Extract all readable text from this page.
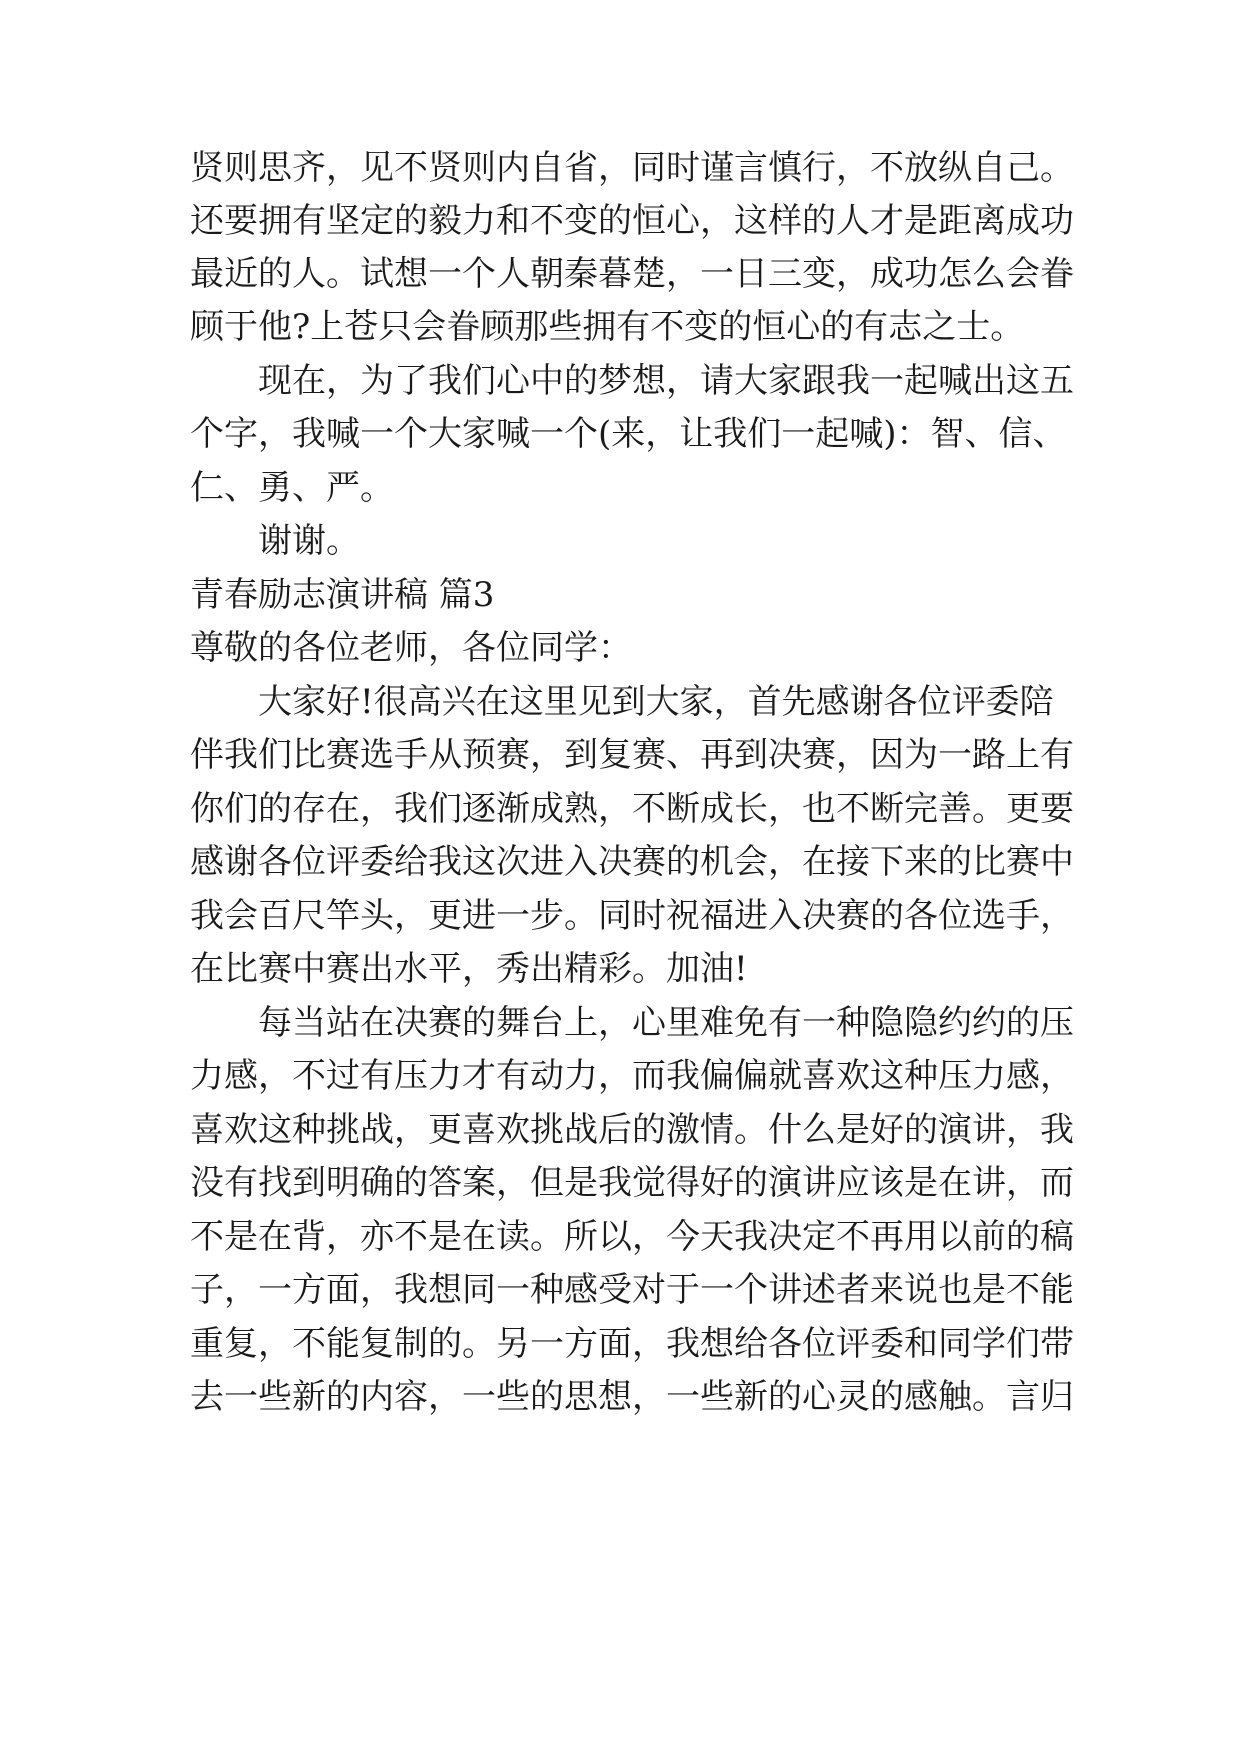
贤则思齐，见不贤则内自省，同时谨言慎行，不放纵自己。
还要拥有坚定的毅力和不变的恒心，这样的人才是距离成功
最近的人。试想一个人朝秦暮楚，一日三变，成功怎么会眷
顾于他?上苍只会眷顾那些拥有不变的恒心的有志之士。
现在，为了我们心中的梦想，请大家跟我一起喊出这五
个字，我喊一个大家喊一个(来，让我们一起喊)：智、信、
仁、勇、严。
谢谢。
青春励志演讲稿 篇3
尊敬的各位老师，各位同学：
大家好!很高兴在这里见到大家，首先感谢各位评委陪
伴我们比赛选手从预赛，到复赛、再到决赛，因为一路上有
你们的存在，我们逐渐成熟，不断成长，也不断完善。更要
感谢各位评委给我这次进入决赛的机会，在接下来的比赛中
我会百尺竿头，更进一步。同时祝福进入决赛的各位选手，
在比赛中赛出水平，秀出精彩。加油!
每当站在决赛的舞台上，心里难免有一种隐隐约约的压
力感，不过有压力才有动力，而我偏偏就喜欢这种压力感，
喜欢这种挑战，更喜欢挑战后的激情。什么是好的演讲，我
没有找到明确的答案，但是我觉得好的演讲应该是在讲，而
不是在背，亦不是在读。所以，今天我决定不再用以前的稿
子，一方面，我想同一种感受对于一个讲述者来说也是不能
重复，不能复制的。另一方面，我想给各位评委和同学们带
去一些新的内容，一些的思想，一些新的心灵的感触。言归
